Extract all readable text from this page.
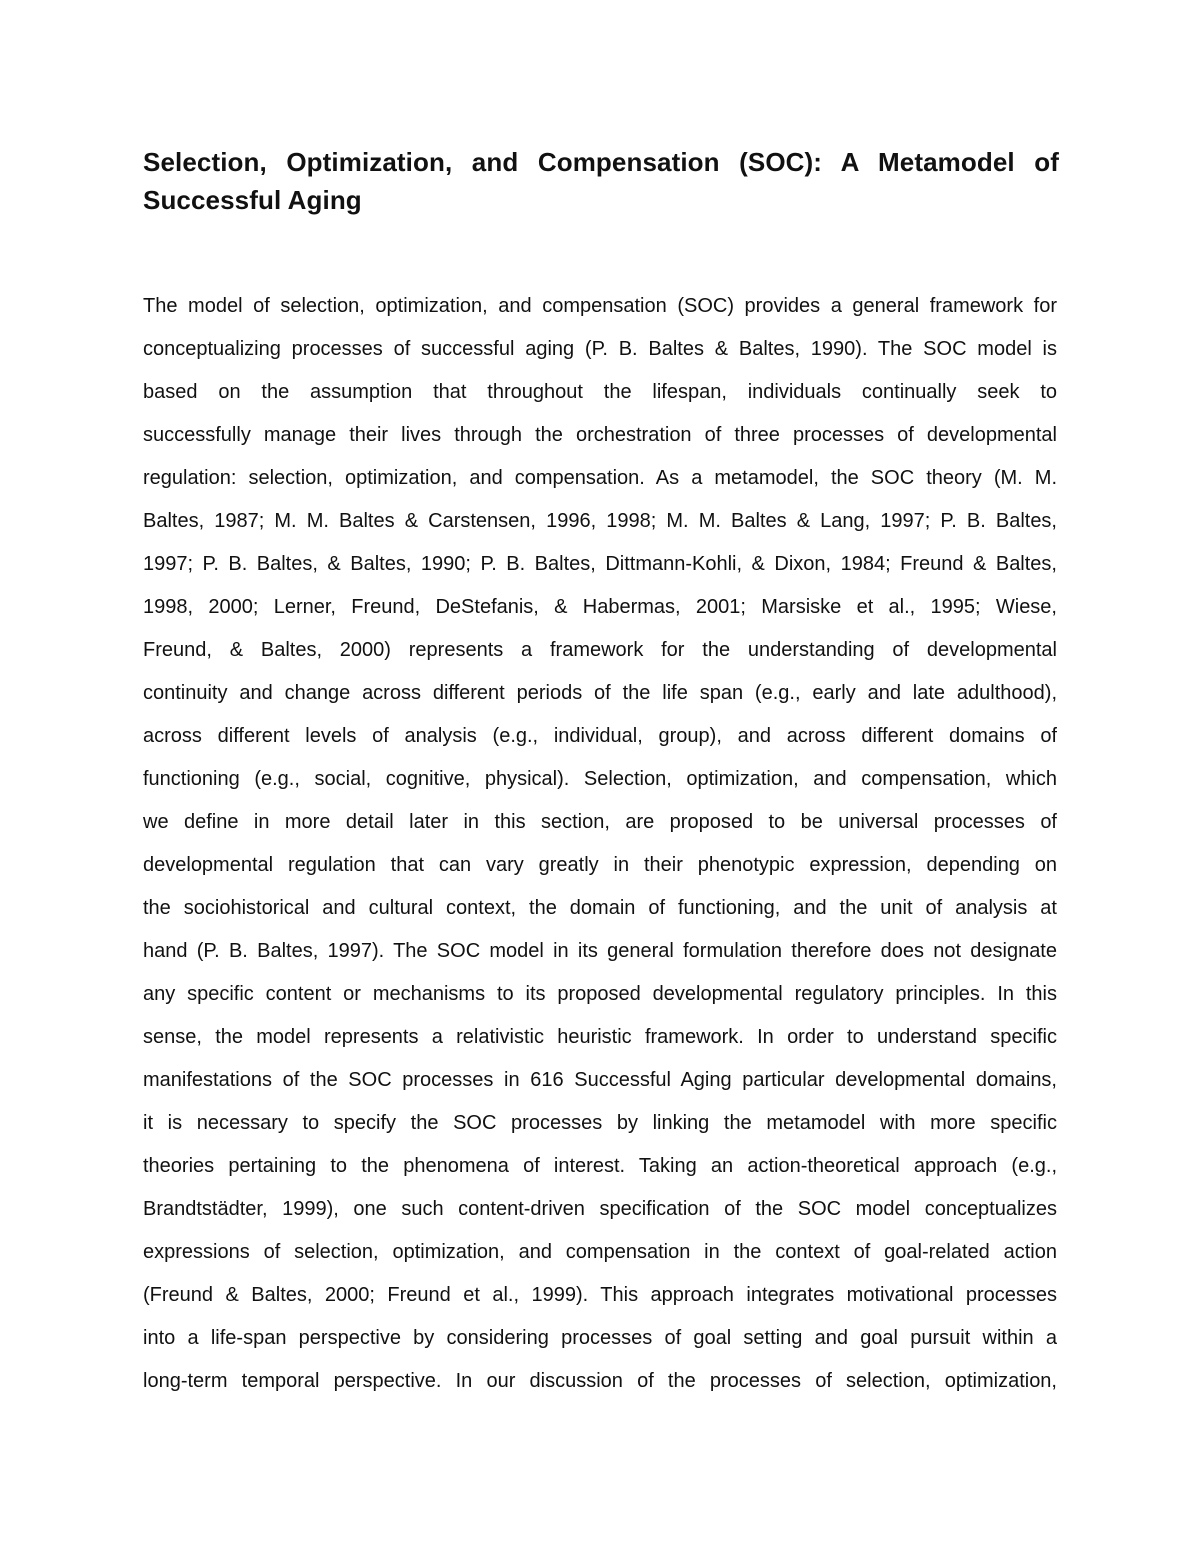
Selection, Optimization, and Compensation (SOC): A Metamodel of Successful Aging
The model of selection, optimization, and compensation (SOC) provides a general framework for
conceptualizing processes of successful aging (P. B. Baltes & Baltes, 1990). The SOC model is
based on the assumption that throughout the lifespan, individuals continually seek to
successfully manage their lives through the orchestration of three processes of developmental
regulation: selection, optimization, and compensation. As a metamodel, the SOC theory (M. M.
Baltes, 1987; M. M. Baltes & Carstensen, 1996, 1998; M. M. Baltes & Lang, 1997; P. B. Baltes,
1997; P. B. Baltes, & Baltes, 1990; P. B. Baltes, Dittmann-Kohli, & Dixon, 1984; Freund & Baltes,
1998, 2000; Lerner, Freund, DeStefanis, & Habermas, 2001; Marsiske et al., 1995; Wiese,
Freund, & Baltes, 2000) represents a framework for the understanding of developmental
continuity and change across different periods of the life span (e.g., early and late adulthood),
across different levels of analysis (e.g., individual, group), and across different domains of
functioning (e.g., social, cognitive, physical). Selection, optimization, and compensation, which
we define in more detail later in this section, are proposed to be universal processes of
developmental regulation that can vary greatly in their phenotypic expression, depending on
the sociohistorical and cultural context, the domain of functioning, and the unit of analysis at
hand (P. B. Baltes, 1997). The SOC model in its general formulation therefore does not designate
any specific content or mechanisms to its proposed developmental regulatory principles. In this
sense, the model represents a relativistic heuristic framework. In order to understand specific
manifestations of the SOC processes in 616 Successful Aging particular developmental domains,
it is necessary to specify the SOC processes by linking the metamodel with more specific
theories pertaining to the phenomena of interest. Taking an action-theoretical approach (e.g.,
Brandtstädter, 1999), one such content-driven specification of the SOC model conceptualizes
expressions of selection, optimization, and compensation in the context of goal-related action
(Freund & Baltes, 2000; Freund et al., 1999). This approach integrates motivational processes
into a life-span perspective by considering processes of goal setting and goal pursuit within a
long-term temporal perspective. In our discussion of the processes of selection, optimization,
